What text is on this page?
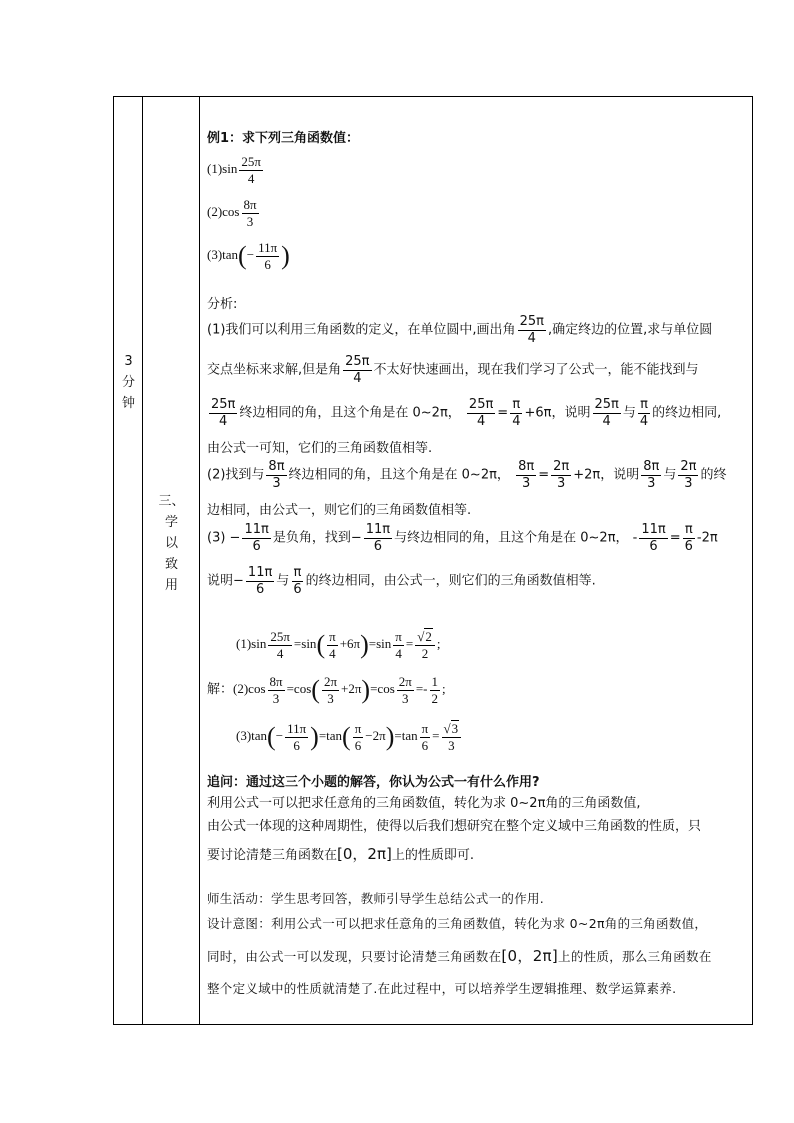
3
分
钟
三、
学
以
致
用
例1：求下列三角函数值：
$(1)\sin \frac{25\pi}{4}$
$(2)\cos \frac{8\pi}{3}$
$(3)\tan(- \frac{11\pi}{6}$ )
分析:
(1)我们可以利用三角函数的定义，在单位圆中,画出角 $\frac{25\pi}{4}$ ,确定终边的位置,求与单位圆
交点坐标来求解,但是角 $\frac{25\pi}{4}$ 不太好快速画出，现在我们学习了公式一，能不能找到与
$\frac{25\pi}{4}$ 终边相同的角，且这个角是在 0~2π， $\frac{25\pi}{4} = \frac{\pi}{4} +6\pi$，说明 $\frac{25\pi}{4}$ 与 $\frac{\pi}{4}$ 的终边相同,
由公式一可知，它们的三角函数值相等.
(2)找到与 $\frac{8\pi}{3}$ 终边相同的角，且这个角是在 0~2π， $\frac{8\pi}{3} = \frac{2\pi}{3} +2\pi$，说明 $\frac{8\pi}{3}$ 与 $\frac{2\pi}{3}$ 的终
边相同，由公式一，则它们的三角函数值相等.
$(3) - \frac{11\pi}{6}$ 是负角，找到− $\frac{11\pi}{6}$ 与终边相同的角，且这个角是在 0~2π， - $\frac{11\pi}{6} = \frac{\pi}{6} -2\pi$
说明− $\frac{11\pi}{6}$ 与 $\frac{\pi}{6}$ 的终边相同，由公式一，则它们的三角函数值相等.
$(1)\sin \frac{25\pi}{4} =\sin( \frac{\pi}{4} +6\pi)=\sin \frac{\pi}{4} = \frac{√2}{2}$ ;
解：$(2)\cos \frac{8\pi}{3} =\cos( \frac{2\pi}{3} +2\pi)=\cos \frac{2\pi}{3} =- \frac{1}{2}$ ;
$(3)\tan(- \frac{11\pi}{6} )=\tan( \frac{\pi}{6} -2\pi)=\tan \frac{\pi}{6} = \frac{√3}{3}$
追问：通过这三个小题的解答，你认为公式一有什么作用?
利用公式一可以把求任意角的三角函数值，转化为求 0~2π角的三角函数值,
由公式一体现的这种周期性，使得以后我们想研究在整个定义域中三角函数的性质，只
要讨论清楚三角函数在[0，2π]上的性质即可.
师生活动：学生思考回答，教师引导学生总结公式一的作用.
设计意图：利用公式一可以把求任意角的三角函数值，转化为求 0~2π角的三角函数值，
同时，由公式一可以发现，只要讨论清楚三角函数在[0，2π]上的性质，那么三角函数在
整个定义域中的性质就清楚了.在此过程中，可以培养学生逻辑推理、数学运算素养.
